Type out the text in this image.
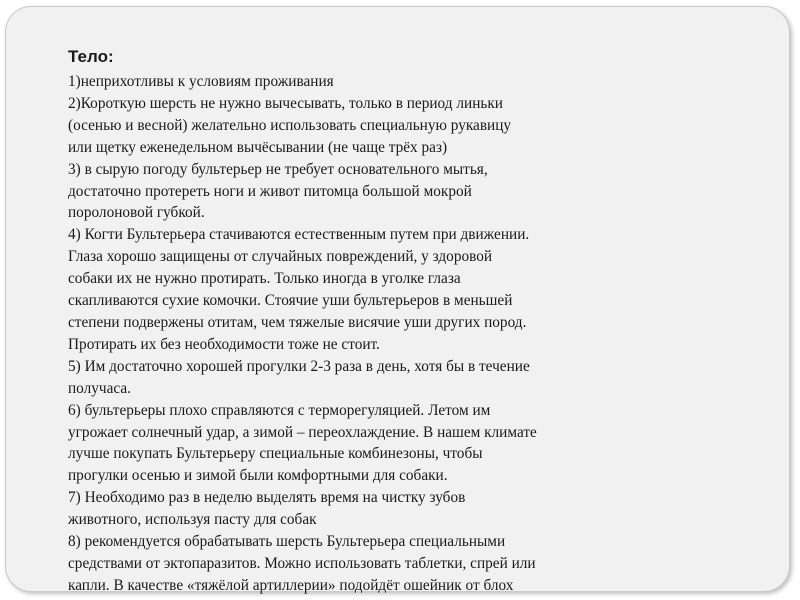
Тело:
1)неприхотливы к условиям проживания
2)Короткую шерсть не нужно вычесывать, только в период линьки
(осенью и весной) желательно использовать специальную рукавицу
или щетку еженедельном вычёсывании (не чаще трёх раз)
3) в сырую погоду бультерьер не требует основательного мытья,
достаточно протереть ноги и живот питомца большой мокрой
поролоновой губкой.
4) Когти Бультерьера стачиваются естественным путем при движении.
Глаза хорошо защищены от случайных повреждений, у здоровой
собаки их не нужно протирать. Только иногда в уголке глаза
скапливаются сухие комочки. Стоячие уши бультерьеров в меньшей
степени подвержены отитам, чем тяжелые висячие уши других пород.
Протирать их без необходимости тоже не стоит.
5) Им достаточно хорошей прогулки 2-3 раза в день, хотя бы в течение
получаса.
6) бультерьеры плохо справляются с терморегуляцией. Летом им
угрожает солнечный удар, а зимой – переохлаждение. В нашем климате
лучше покупать Бультерьеру специальные комбинезоны, чтобы
прогулки осенью и зимой были комфортными для собаки.
7) Необходимо раз в неделю выделять время на чистку зубов
животного, используя пасту для собак
8) рекомендуется обрабатывать шерсть Бультерьера специальными
средствами от эктопаразитов. Можно использовать таблетки, спрей или
капли. В качестве «тяжёлой артиллерии» подойдёт ошейник от блох
